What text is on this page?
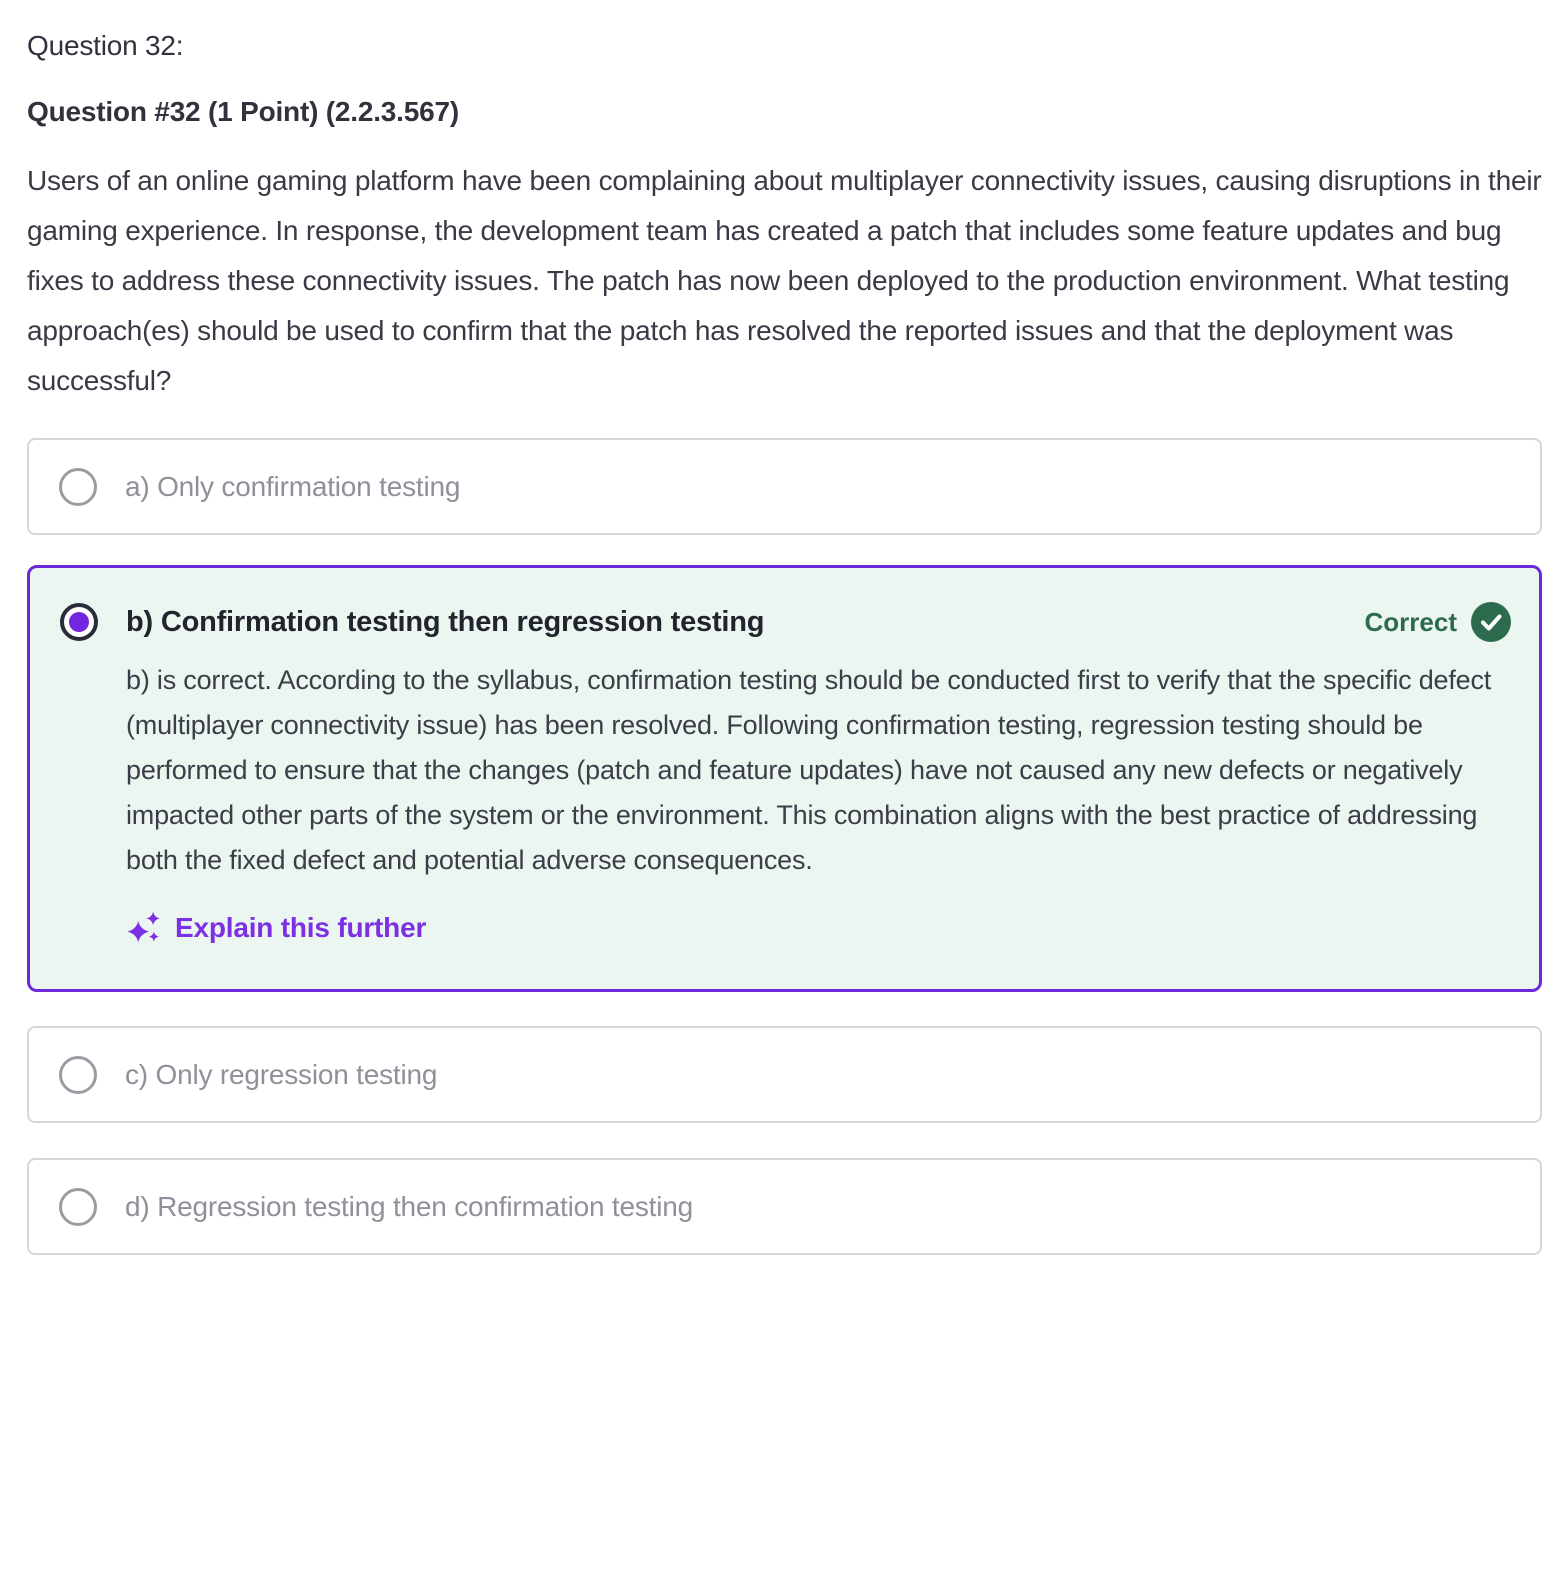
Question 32:
Question #32 (1 Point) (2.2.3.567)
Users of an online gaming platform have been complaining about multiplayer connectivity issues, causing disruptions in their gaming experience. In response, the development team has created a patch that includes some feature updates and bug fixes to address these connectivity issues. The patch has now been deployed to the production environment. What testing approach(es) should be used to confirm that the patch has resolved the reported issues and that the deployment was successful?
a) Only confirmation testing
b) Confirmation testing then regression testing	Correct
b) is correct. According to the syllabus, confirmation testing should be conducted first to verify that the specific defect (multiplayer connectivity issue) has been resolved. Following confirmation testing, regression testing should be performed to ensure that the changes (patch and feature updates) have not caused any new defects or negatively impacted other parts of the system or the environment. This combination aligns with the best practice of addressing both the fixed defect and potential adverse consequences.
Explain this further
c) Only regression testing
d) Regression testing then confirmation testing
